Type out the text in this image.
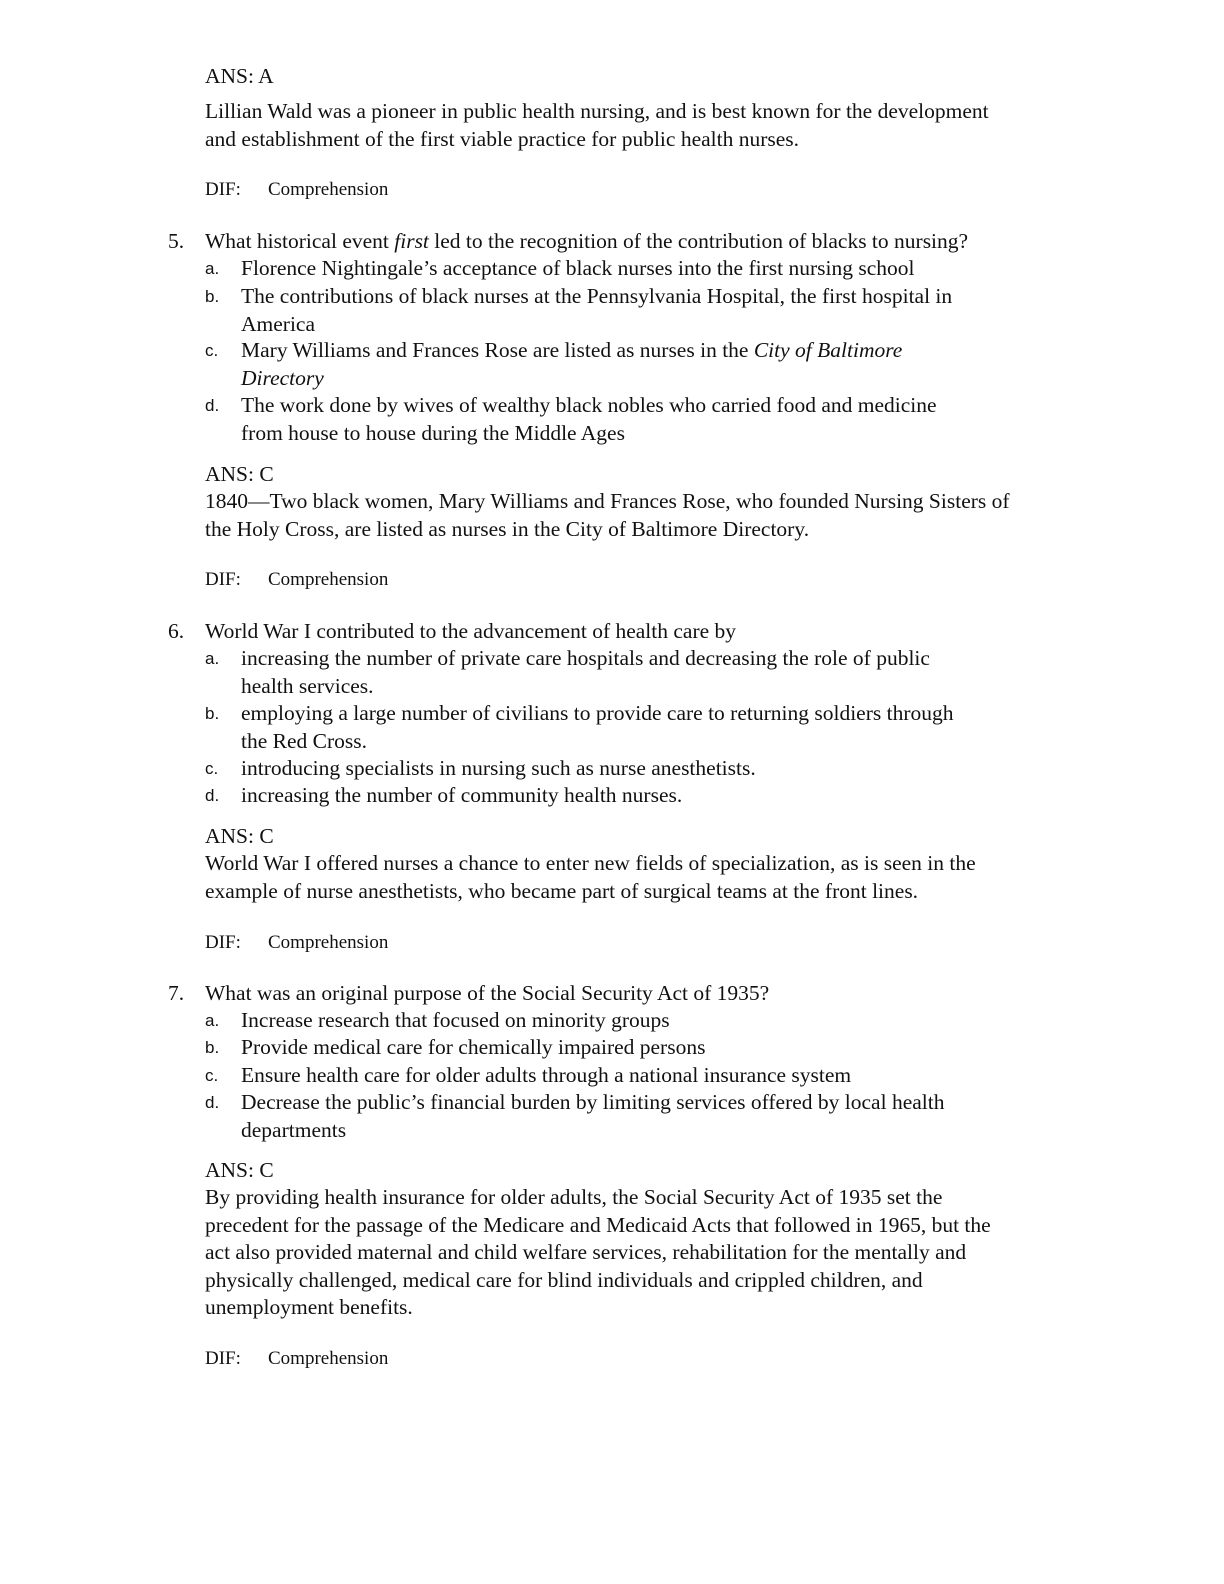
ANS: A
Lillian Wald was a pioneer in public health nursing, and is best known for the development
and establishment of the first viable practice for public health nurses.
DIF: Comprehension
5. What historical event first led to the recognition of the contribution of blacks to nursing?
a. Florence Nightingale’s acceptance of black nurses into the first nursing school
b. The contributions of black nurses at the Pennsylvania Hospital, the first hospital in
America
c. Mary Williams and Frances Rose are listed as nurses in the City of Baltimore
Directory
d. The work done by wives of wealthy black nobles who carried food and medicine
from house to house during the Middle Ages
ANS: C
1840—Two black women, Mary Williams and Frances Rose, who founded Nursing Sisters of
the Holy Cross, are listed as nurses in the City of Baltimore Directory.
DIF: Comprehension
6. World War I contributed to the advancement of health care by
a. increasing the number of private care hospitals and decreasing the role of public
health services.
b. employing a large number of civilians to provide care to returning soldiers through
the Red Cross.
c. introducing specialists in nursing such as nurse anesthetists.
d. increasing the number of community health nurses.
ANS: C
World War I offered nurses a chance to enter new fields of specialization, as is seen in the
example of nurse anesthetists, who became part of surgical teams at the front lines.
DIF: Comprehension
7. What was an original purpose of the Social Security Act of 1935?
a. Increase research that focused on minority groups
b. Provide medical care for chemically impaired persons
c. Ensure health care for older adults through a national insurance system
d. Decrease the public’s financial burden by limiting services offered by local health
departments
ANS: C
By providing health insurance for older adults, the Social Security Act of 1935 set the
precedent for the passage of the Medicare and Medicaid Acts that followed in 1965, but the
act also provided maternal and child welfare services, rehabilitation for the mentally and
physically challenged, medical care for blind individuals and crippled children, and
unemployment benefits.
DIF: Comprehension
